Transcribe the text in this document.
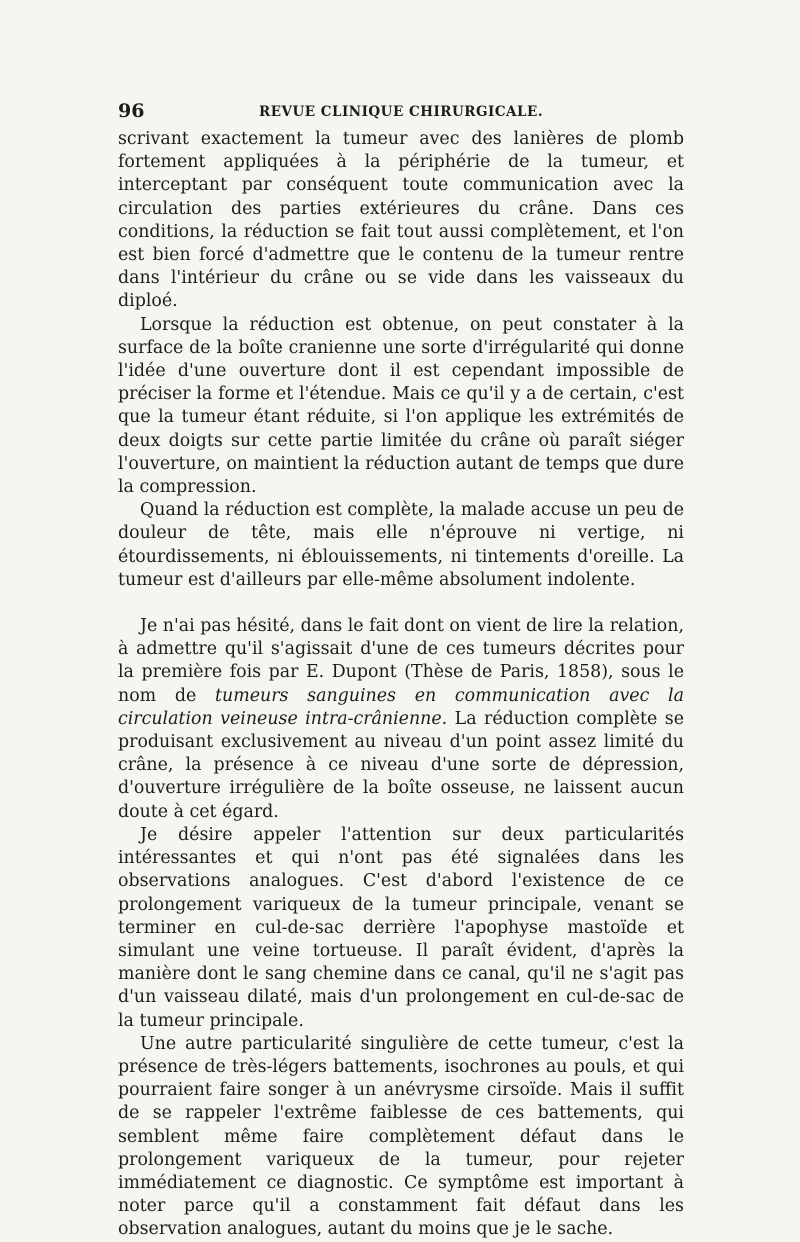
96	REVUE CLINIQUE CHIRURGICALE.

scrivant exactement la tumeur avec des lanières de plomb fortement appliquées à la périphérie de la tumeur, et interceptant par conséquent toute communication avec la circulation des parties extérieures du crâne. Dans ces conditions, la réduction se fait tout aussi complètement, et l'on est bien forcé d'admettre que le contenu de la tumeur rentre dans l'intérieur du crâne ou se vide dans les vaisseaux du diploé.

Lorsque la réduction est obtenue, on peut constater à la surface de la boîte cranienne une sorte d'irrégularité qui donne l'idée d'une ouverture dont il est cependant impossible de préciser la forme et l'étendue. Mais ce qu'il y a de certain, c'est que la tumeur étant réduite, si l'on applique les extrémités de deux doigts sur cette partie limitée du crâne où paraît siéger l'ouverture, on maintient la réduction autant de temps que dure la compression.

Quand la réduction est complète, la malade accuse un peu de douleur de tête, mais elle n'éprouve ni vertige, ni étourdissements, ni éblouissements, ni tintements d'oreille. La tumeur est d'ailleurs par elle-même absolument indolente.

Je n'ai pas hésité, dans le fait dont on vient de lire la relation, à admettre qu'il s'agissait d'une de ces tumeurs décrites pour la première fois par E. Dupont (Thèse de Paris, 1858), sous le nom de tumeurs sanguines en communication avec la circulation veineuse intra-crânienne. La réduction complète se produisant exclusivement au niveau d'un point assez limité du crâne, la présence à ce niveau d'une sorte de dépression, d'ouverture irrégulière de la boîte osseuse, ne laissent aucun doute à cet égard.

Je désire appeler l'attention sur deux particularités intéressantes et qui n'ont pas été signalées dans les observations analogues. C'est d'abord l'existence de ce prolongement variqueux de la tumeur principale, venant se terminer en cul-de-sac derrière l'apophyse mastoïde et simulant une veine tortueuse. Il paraît évident, d'après la manière dont le sang chemine dans ce canal, qu'il ne s'agit pas d'un vaisseau dilaté, mais d'un prolongement en cul-de-sac de la tumeur principale.

Une autre particularité singulière de cette tumeur, c'est la présence de très-légers battements, isochrones au pouls, et qui pourraient faire songer à un anévrysme cirsoïde. Mais il suffit de se rappeler l'extrême faiblesse de ces battements, qui semblent même faire complètement défaut dans le prolongement variqueux de la tumeur, pour rejeter immédiatement ce diagnostic. Ce symptôme est important à noter parce qu'il a constamment fait défaut dans les observation analogues, autant du moins que je le sache.
